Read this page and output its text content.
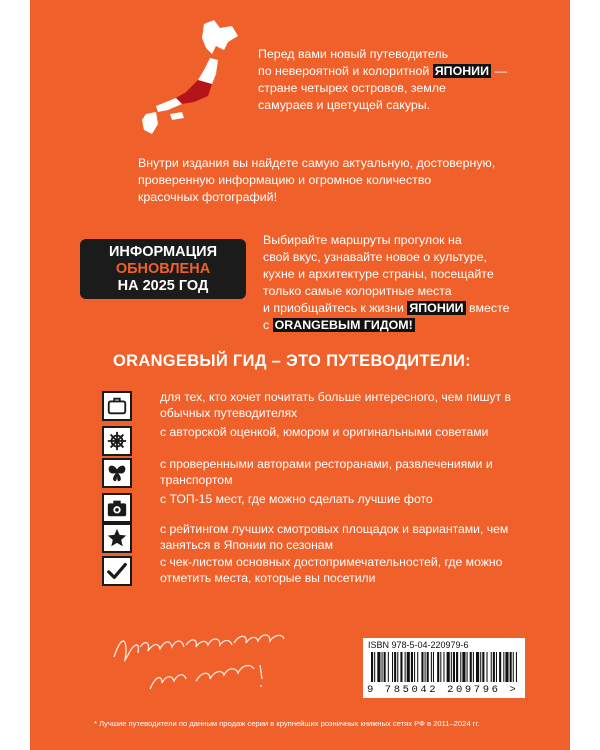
Перед вами новый путеводитель
по невероятной и колоритной ЯПОНИИ —
стране четырех островов, земле
самураев и цветущей сакуры.

Внутри издания вы найдете самую актуальную, достоверную,
проверенную информацию и огромное количество
красочных фотографий!

ИНФОРМАЦИЯ
ОБНОВЛЕНА
НА 2025 ГОД

Выбирайте маршруты прогулок на
свой вкус, узнавайте новое о культуре,
кухне и архитектуре страны, посещайте
только самые колоритные места
и приобщайтесь к жизни ЯПОНИИ вместе
с ORANGEВЫМ ГИДОМ!

ORANGEВЫЙ ГИД – ЭТО ПУТЕВОДИТЕЛИ:
для тех, кто хочет почитать больше интересного, чем пишут в обычных путеводителях
с авторской оценкой, юмором и оригинальными советами
с проверенными авторами ресторанами, развлечениями и транспортом
с ТОП-15 мест, где можно сделать лучшие фото
с рейтингом лучших смотровых площадок и вариантами, чем заняться в Японии по сезонам
с чек-листом основных достопримечательностей, где можно отметить места, которые вы посетили
ISBN 978-5-04-220979-6
9 785042 209796 >

* Лучшие путеводители по данным продаж серии в крупнейших розничных книжных сетях РФ в 2011–2024 гг.
